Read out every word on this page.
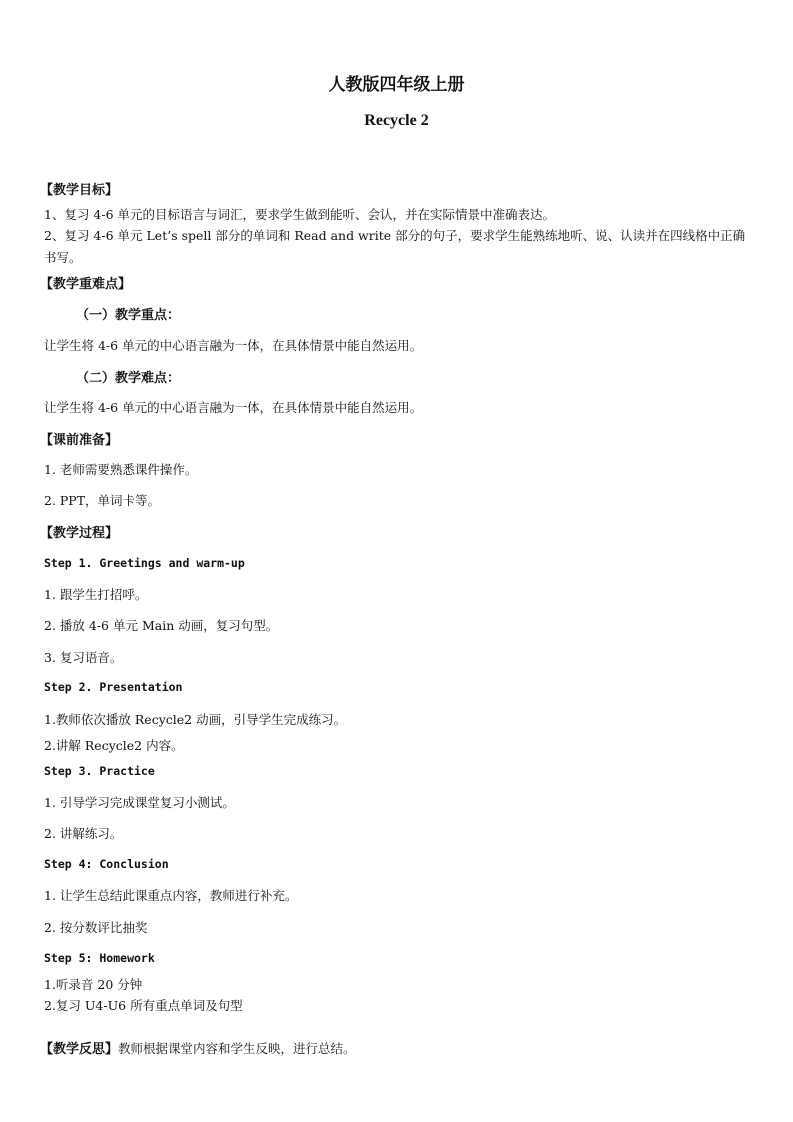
人教版四年级上册
Recycle 2
【教学目标】
1、复习 4-6 单元的目标语言与词汇，要求学生做到能听、会认，并在实际情景中准确表达。
2、复习 4-6 单元 Let’s spell 部分的单词和 Read and write 部分的句子，要求学生能熟练地听、说、认读并在四线格中正确书写。
【教学重难点】
（一）教学重点：
让学生将 4-6 单元的中心语言融为一体，在具体情景中能自然运用。
（二）教学难点：
让学生将 4-6 单元的中心语言融为一体，在具体情景中能自然运用。
【课前准备】
1. 老师需要熟悉课件操作。
2. PPT，单词卡等。
【教学过程】
Step 1. Greetings and warm-up
1. 跟学生打招呼。
2. 播放 4-6 单元 Main 动画，复习句型。
3. 复习语音。
Step 2. Presentation
1.教师依次播放 Recycle2 动画，引导学生完成练习。
2.讲解 Recycle2 内容。
Step 3. Practice
1. 引导学习完成课堂复习小测试。
2. 讲解练习。
Step 4: Conclusion
1. 让学生总结此课重点内容，教师进行补充。
2. 按分数评比抽奖
Step 5: Homework
1.听录音 20 分钟
2.复习 U4-U6 所有重点单词及句型
【教学反思】教师根据课堂内容和学生反映，进行总结。
